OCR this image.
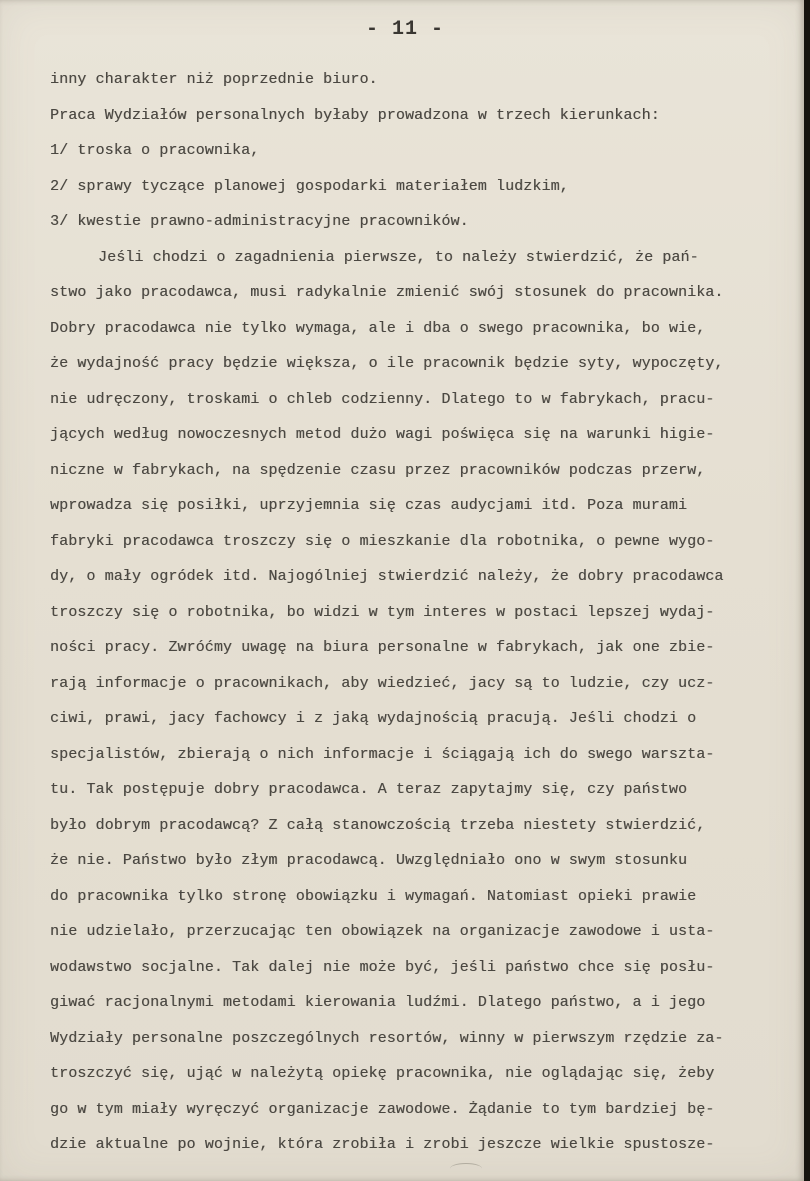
- 11 -
inny charakter niż poprzednie biuro.
Praca Wydziałów personalnych byłaby prowadzona w trzech kierunkach:
1/ troska o pracownika,
2/ sprawy tyczące planowej gospodarki materiałem ludzkim,
3/ kwestie prawno-administracyjne pracowników.
Jeśli chodzi o zagadnienia pierwsze, to należy stwierdzić, że pań-
stwo jako pracodawca, musi radykalnie zmienić swój stosunek do pracownika.
Dobry pracodawca nie tylko wymaga, ale i dba o swego pracownika, bo wie,
że wydajność pracy będzie większa, o ile pracownik będzie syty, wypoczęty,
nie udręczony, troskami o chleb codzienny. Dlatego to w fabrykach, pracu-
jących według nowoczesnych metod dużo wagi poświęca się na warunki higie-
niczne w fabrykach, na spędzenie czasu przez pracowników podczas przerw,
wprowadza się posiłki, uprzyjemnia się czas audycjami itd. Poza murami
fabryki pracodawca troszczy się o mieszkanie dla robotnika, o pewne wygo-
dy, o mały ogródek itd. Najogólniej stwierdzić należy, że dobry pracodawca
troszczy się o robotnika, bo widzi w tym interes w postaci lepszej wydaj-
ności pracy. Zwróćmy uwagę na biura personalne w fabrykach, jak one zbie-
rają informacje o pracownikach, aby wiedzieć, jacy są to ludzie, czy ucz-
ciwi, prawi, jacy fachowcy i z jaką wydajnością pracują. Jeśli chodzi o
specjalistów, zbierają o nich informacje i ściągają ich do swego warszta-
tu. Tak postępuje dobry pracodawca. A teraz zapytajmy się, czy państwo
było dobrym pracodawcą? Z całą stanowczością trzeba niestety stwierdzić,
że nie. Państwo było złym pracodawcą. Uwzględniało ono w swym stosunku
do pracownika tylko stronę obowiązku i wymagań. Natomiast opieki prawie
nie udzielało, przerzucając ten obowiązek na organizacje zawodowe i usta-
wodawstwo socjalne. Tak dalej nie może być, jeśli państwo chce się posłu-
giwać racjonalnymi metodami kierowania ludźmi. Dlatego państwo, a i jego
Wydziały personalne poszczególnych resortów, winny w pierwszym rzędzie za-
troszczyć się, ująć w należytą opiekę pracownika, nie oglądając się, żeby
go w tym miały wyręczyć organizacje zawodowe. Żądanie to tym bardziej bę-
dzie aktualne po wojnie, która zrobiła i zrobi jeszcze wielkie spustosze-
